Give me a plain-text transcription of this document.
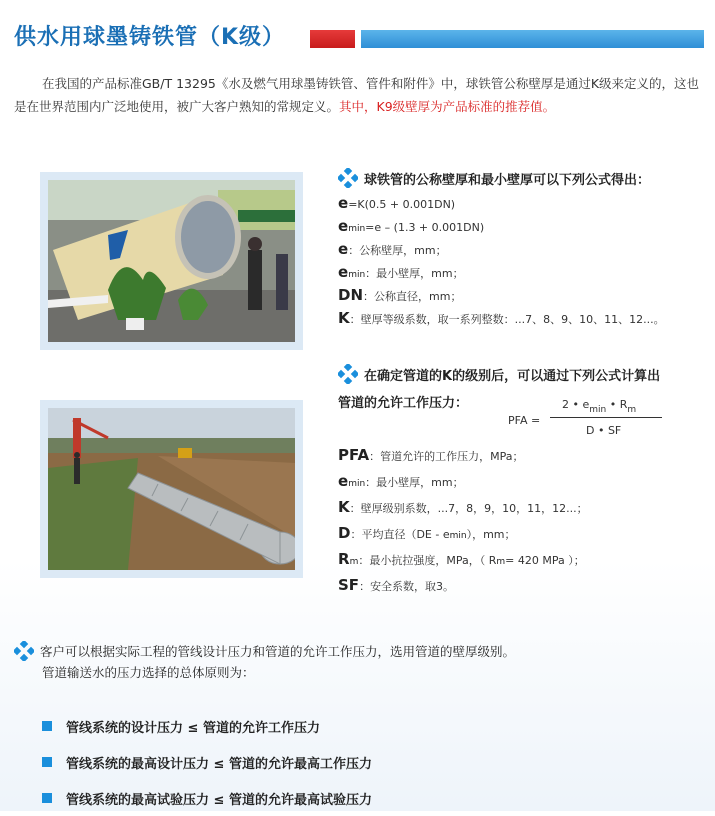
供水用球墨铸铁管（K级）
在我国的产品标准GB/T 13295《水及燃气用球墨铸铁管、管件和附件》中，球铁管公称壁厚是通过K级来定义的，这也是在世界范围内广泛地使用，被广大客户熟知的常规定义。其中，K9级壁厚为产品标准的推荐值。
球铁管的公称壁厚和最小壁厚可以下列公式得出：
e = K(0.5 + 0.001DN)
e min = e – (1.3 + 0.001DN)
e ： 公称壁厚，mm；
e min ： 最小壁厚，mm；
DN ： 公称直径，mm；
K ： 壁厚等级系数，取一系列整数：...7、8、9、10、11、12...。
在确定管道的K的级别后，可以通过下列公式计算出
管道的允许工作压力：
PFA =
2 • $e_{min}$ • $R_m$
D • SF
PFA ： 管道允许的工作压力，MPa；
e min ： 最小壁厚，mm；
K ： 壁厚级别系数，...7，8，9，10，11，12...；
D ： 平均直径（DE - e min ），mm；
R m ： 最小抗拉强度，MPa，（ R m = 420 MPa ）；
SF ： 安全系数，取3。
客户可以根据实际工程的管线设计压力和管道的允许工作压力，选用管道的壁厚级别。
管道输送水的压力选择的总体原则为：
管线系统的设计压力 ≤ 管道的允许工作压力
管线系统的最高设计压力 ≤ 管道的允许最高工作压力
管线系统的最高试验压力 ≤ 管道的允许最高试验压力
